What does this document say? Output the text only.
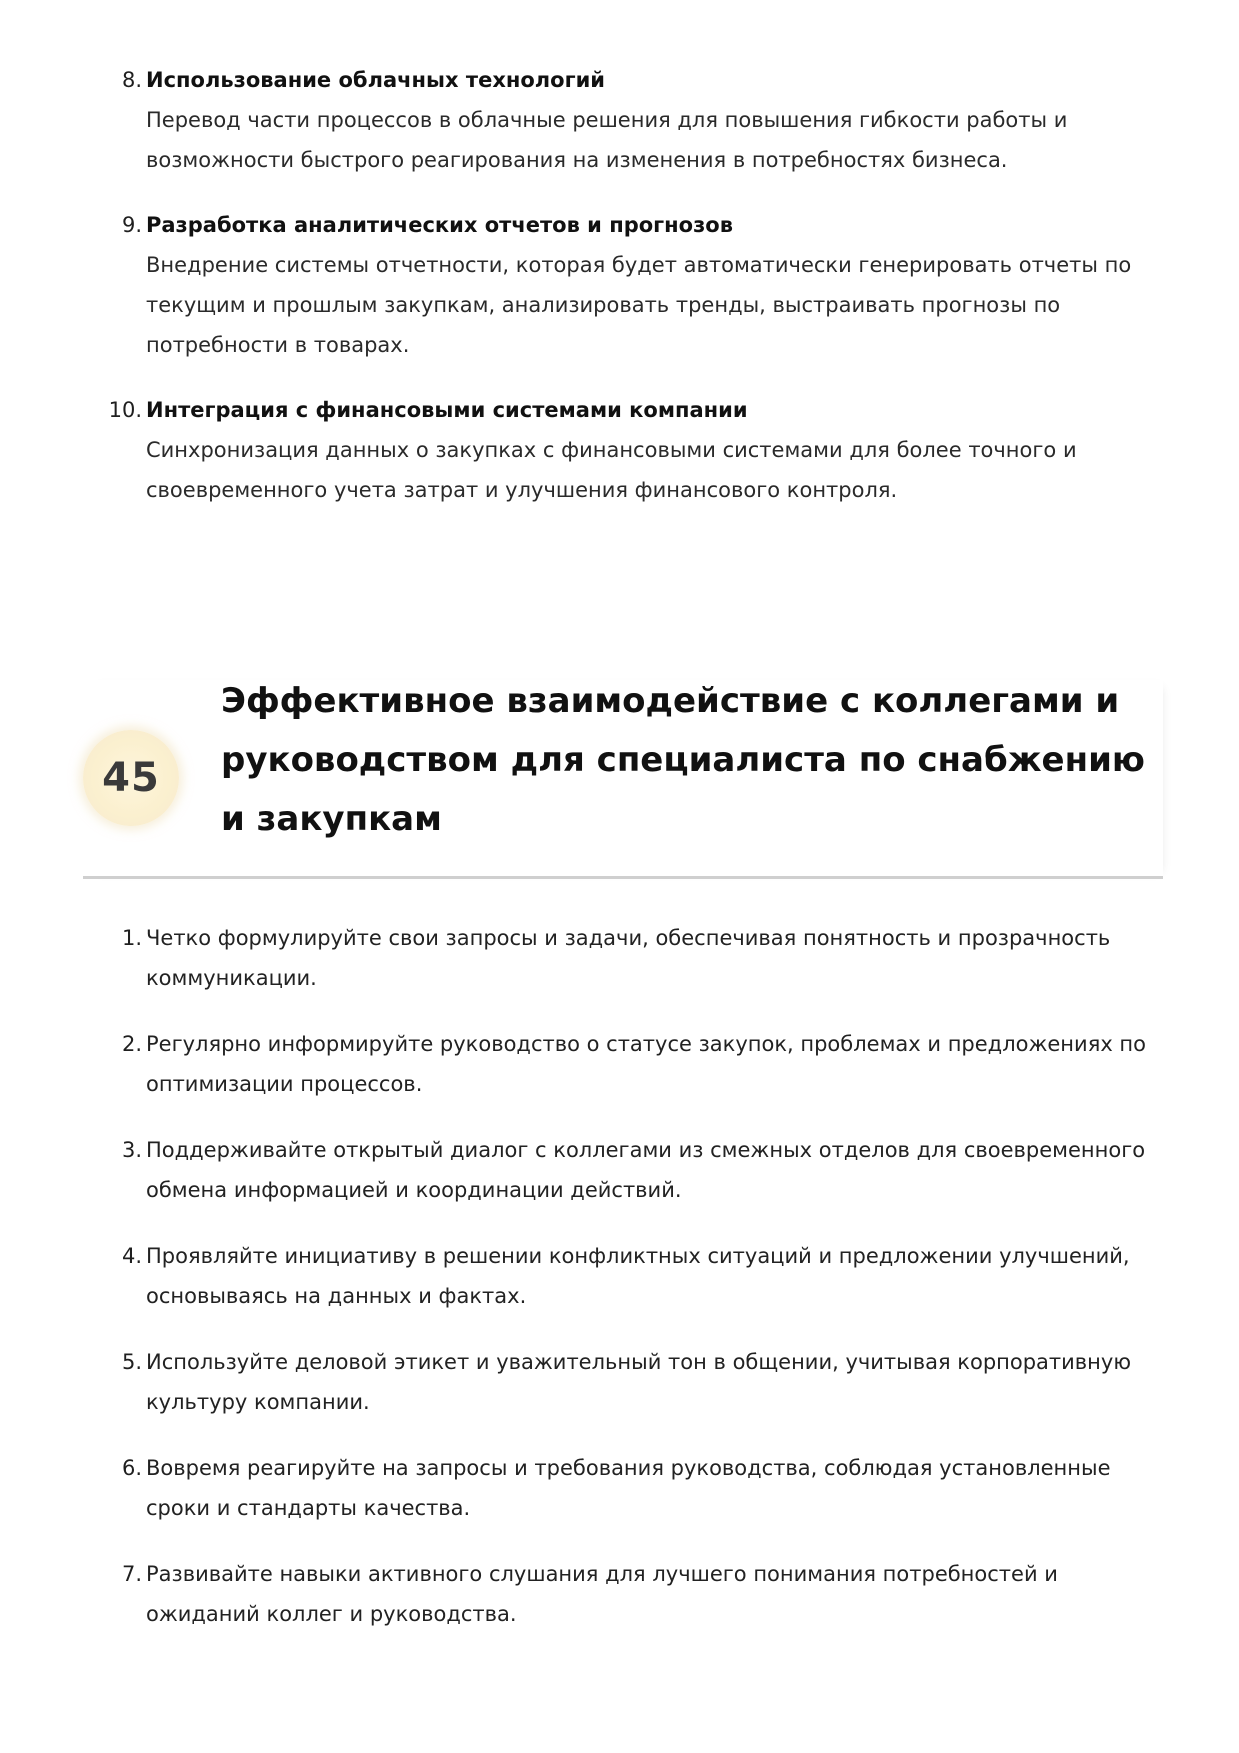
8. Использование облачных технологий
Перевод части процессов в облачные решения для повышения гибкости работы и возможности быстрого реагирования на изменения в потребностях бизнеса.
9. Разработка аналитических отчетов и прогнозов
Внедрение системы отчетности, которая будет автоматически генерировать отчеты по текущим и прошлым закупкам, анализировать тренды, выстраивать прогнозы по потребности в товарах.
10. Интеграция с финансовыми системами компании
Синхронизация данных о закупках с финансовыми системами для более точного и своевременного учета затрат и улучшения финансового контроля.
45
Эффективное взаимодействие с коллегами и руководством для специалиста по снабжению и закупкам
1. Четко формулируйте свои запросы и задачи, обеспечивая понятность и прозрачность коммуникации.
2. Регулярно информируйте руководство о статусе закупок, проблемах и предложениях по оптимизации процессов.
3. Поддерживайте открытый диалог с коллегами из смежных отделов для своевременного обмена информацией и координации действий.
4. Проявляйте инициативу в решении конфликтных ситуаций и предложении улучшений, основываясь на данных и фактах.
5. Используйте деловой этикет и уважительный тон в общении, учитывая корпоративную культуру компании.
6. Вовремя реагируйте на запросы и требования руководства, соблюдая установленные сроки и стандарты качества.
7. Развивайте навыки активного слушания для лучшего понимания потребностей и ожиданий коллег и руководства.
